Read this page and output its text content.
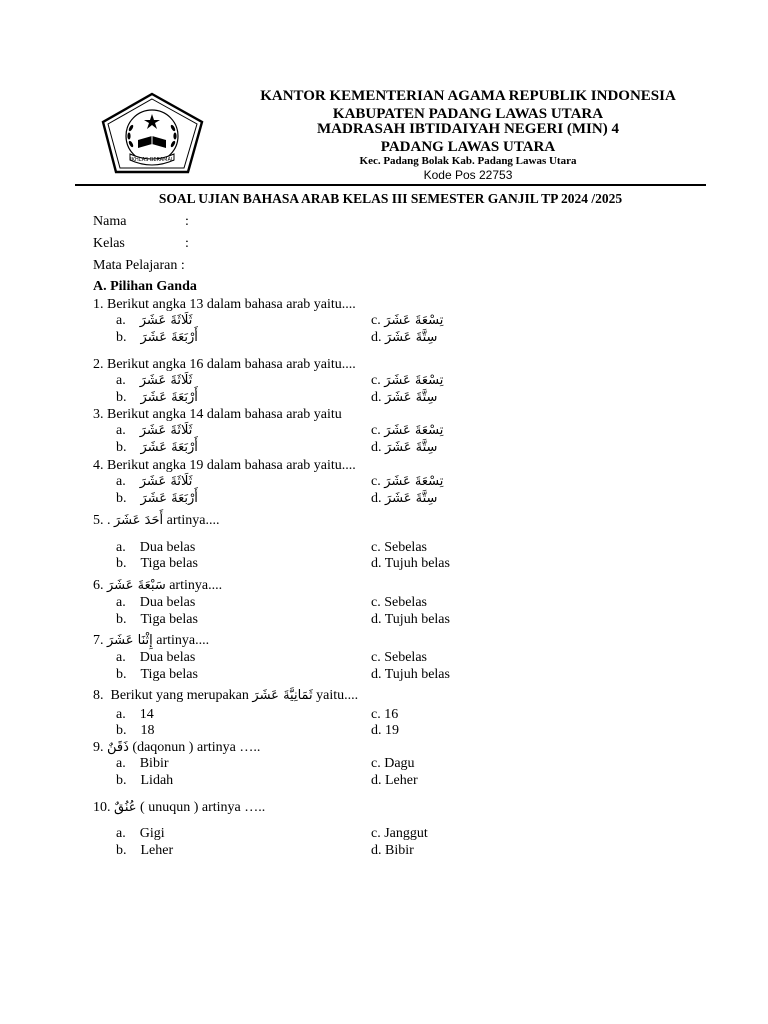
IKHLAS BERAMAL
KANTOR KEMENTERIAN AGAMA REPUBLIK INDONESIA
KABUPATEN PADANG LAWAS UTARA
MADRASAH IBTIDAIYAH NEGERI (MIN) 4
PADANG LAWAS UTARA
Kec. Padang Bolak Kab. Padang Lawas Utara
Kode Pos 22753
SOAL UJIAN BAHASA ARAB KELAS III SEMESTER GANJIL TP 2024 /2025
Nama	:
Kelas	:
Mata Pelajaran :
A. Pilihan Ganda
1. Berikut angka 13 dalam bahasa arab yaitu....
a. ثَلَاثَةَ عَشَرَ
b. أَرْبَعَةَ عَشَرَ
c. تِسْعَةَ عَشَرَ
d. سِتَّةَ عَشَرَ
2. Berikut angka 16 dalam bahasa arab yaitu....
a. ثَلَاثَةَ عَشَرَ
b. أَرْبَعَةَ عَشَرَ
c. تِسْعَةَ عَشَرَ
d. سِتَّةَ عَشَرَ
3. Berikut angka 14 dalam bahasa arab yaitu
a. ثَلَاثَةَ عَشَرَ
b. أَرْبَعَةَ عَشَرَ
c. تِسْعَةَ عَشَرَ
d. سِتَّةَ عَشَرَ
4. Berikut angka 19 dalam bahasa arab yaitu....
a. ثَلَاثَةَ عَشَرَ
b. أَرْبَعَةَ عَشَرَ
c. تِسْعَةَ عَشَرَ
d. سِتَّةَ عَشَرَ
5. . أَحَدَ عَشَرَ artinya....
a. Dua belas
b. Tiga belas
c. Sebelas
d. Tujuh belas
6. سَبْعَةَ عَشَرَ artinya....
a. Dua belas
b. Tiga belas
c. Sebelas
d. Tujuh belas
7. إِثْنَا عَشَرَ artinya....
a. Dua belas
b. Tiga belas
c. Sebelas
d. Tujuh belas
8. Berikut yang merupakan ثَمَانِيَّةَ عَشَرَ yaitu....
a. 14
b. 18
c. 16
d. 19
9. ذَقَنٌ (daqonun ) artinya …..
a. Bibir
b. Lidah
c. Dagu
d. Leher
10. عُنُقٌ ( unuqun ) artinya …..
a. Gigi
b. Leher
c. Janggut
d. Bibir
